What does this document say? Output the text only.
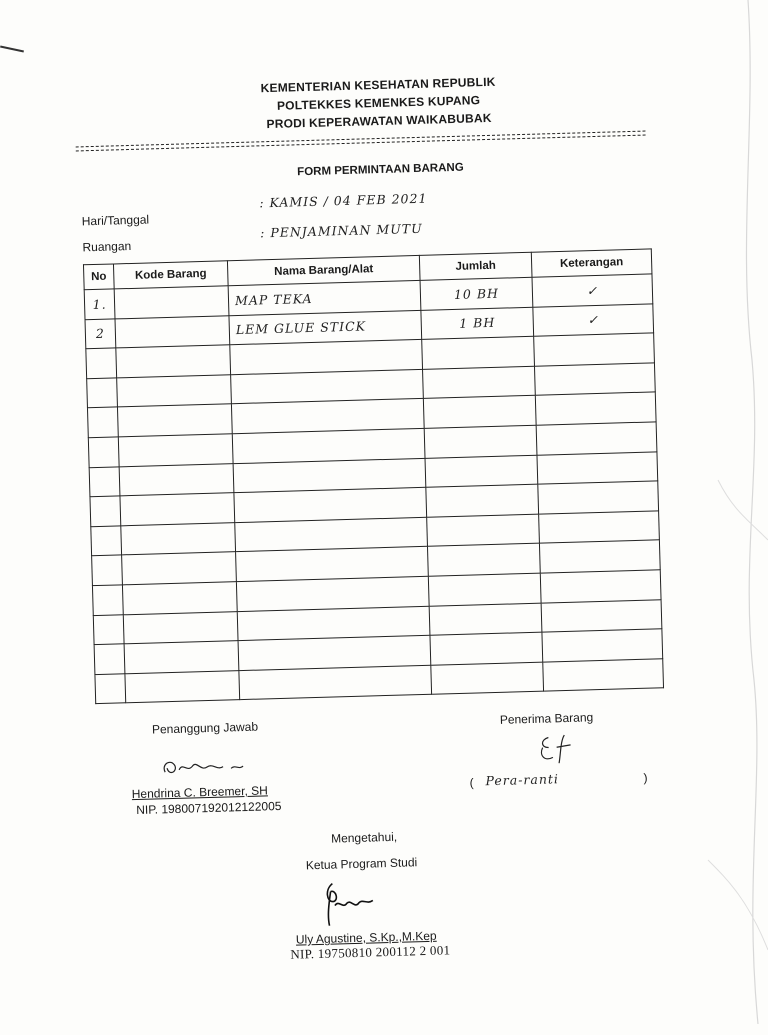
KEMENTERIAN KESEHATAN REPUBLIK
POLTEKKES KEMENKES KUPANG
PRODI KEPERAWATAN WAIKABUBAK
FORM PERMINTAAN BARANG
Hari/Tanggal
: KAMIS / 04 FEB 2021
Ruangan
: PENJAMINAN MUTU
No	Kode Barang	Nama Barang/Alat	Jumlah	Keterangan
1.		MAP TEKA	10 BH	✓
2		LEM GLUE STICK	1 BH	✓

Penanggung Jawab
Penerima Barang
Hendrina C. Breemer, SH
NIP. 198007192012122005
( Pera-ranti	)
Mengetahui,
Ketua Program Studi
Uly Agustine, S.Kp.,M.Kep
NIP. 19750810 200112 2 001
